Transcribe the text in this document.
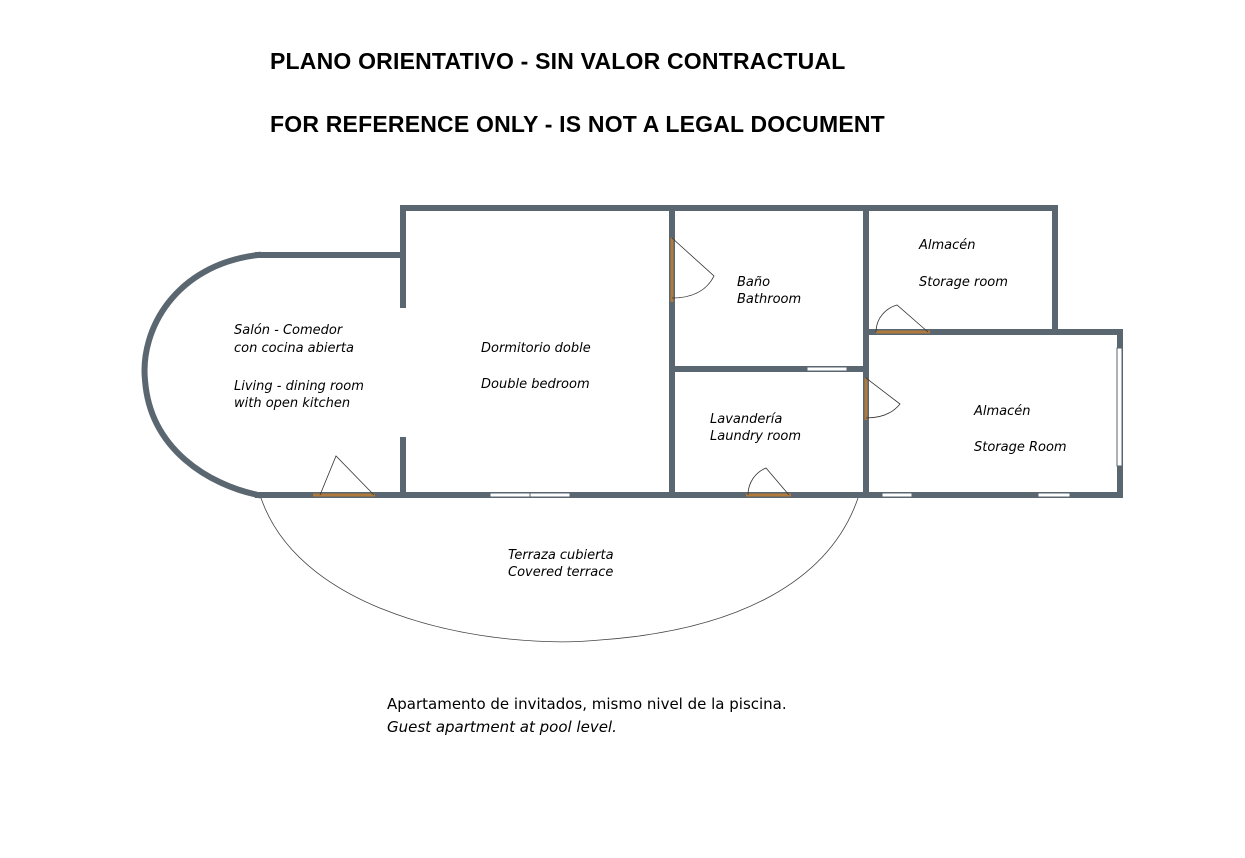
PLANO ORIENTATIVO - SIN VALOR CONTRACTUAL
FOR REFERENCE ONLY - IS NOT A LEGAL DOCUMENT
Salón - Comedor
con cocina abierta
Living - dining room
with open kitchen
Dormitorio doble
Double bedroom
Baño
Bathroom
Almacén
Storage room
Lavandería
Laundry room
Almacén
Storage Room
Terraza cubierta
Covered terrace
Apartamento de invitados, mismo nivel de la piscina.
Guest apartment at pool level.
